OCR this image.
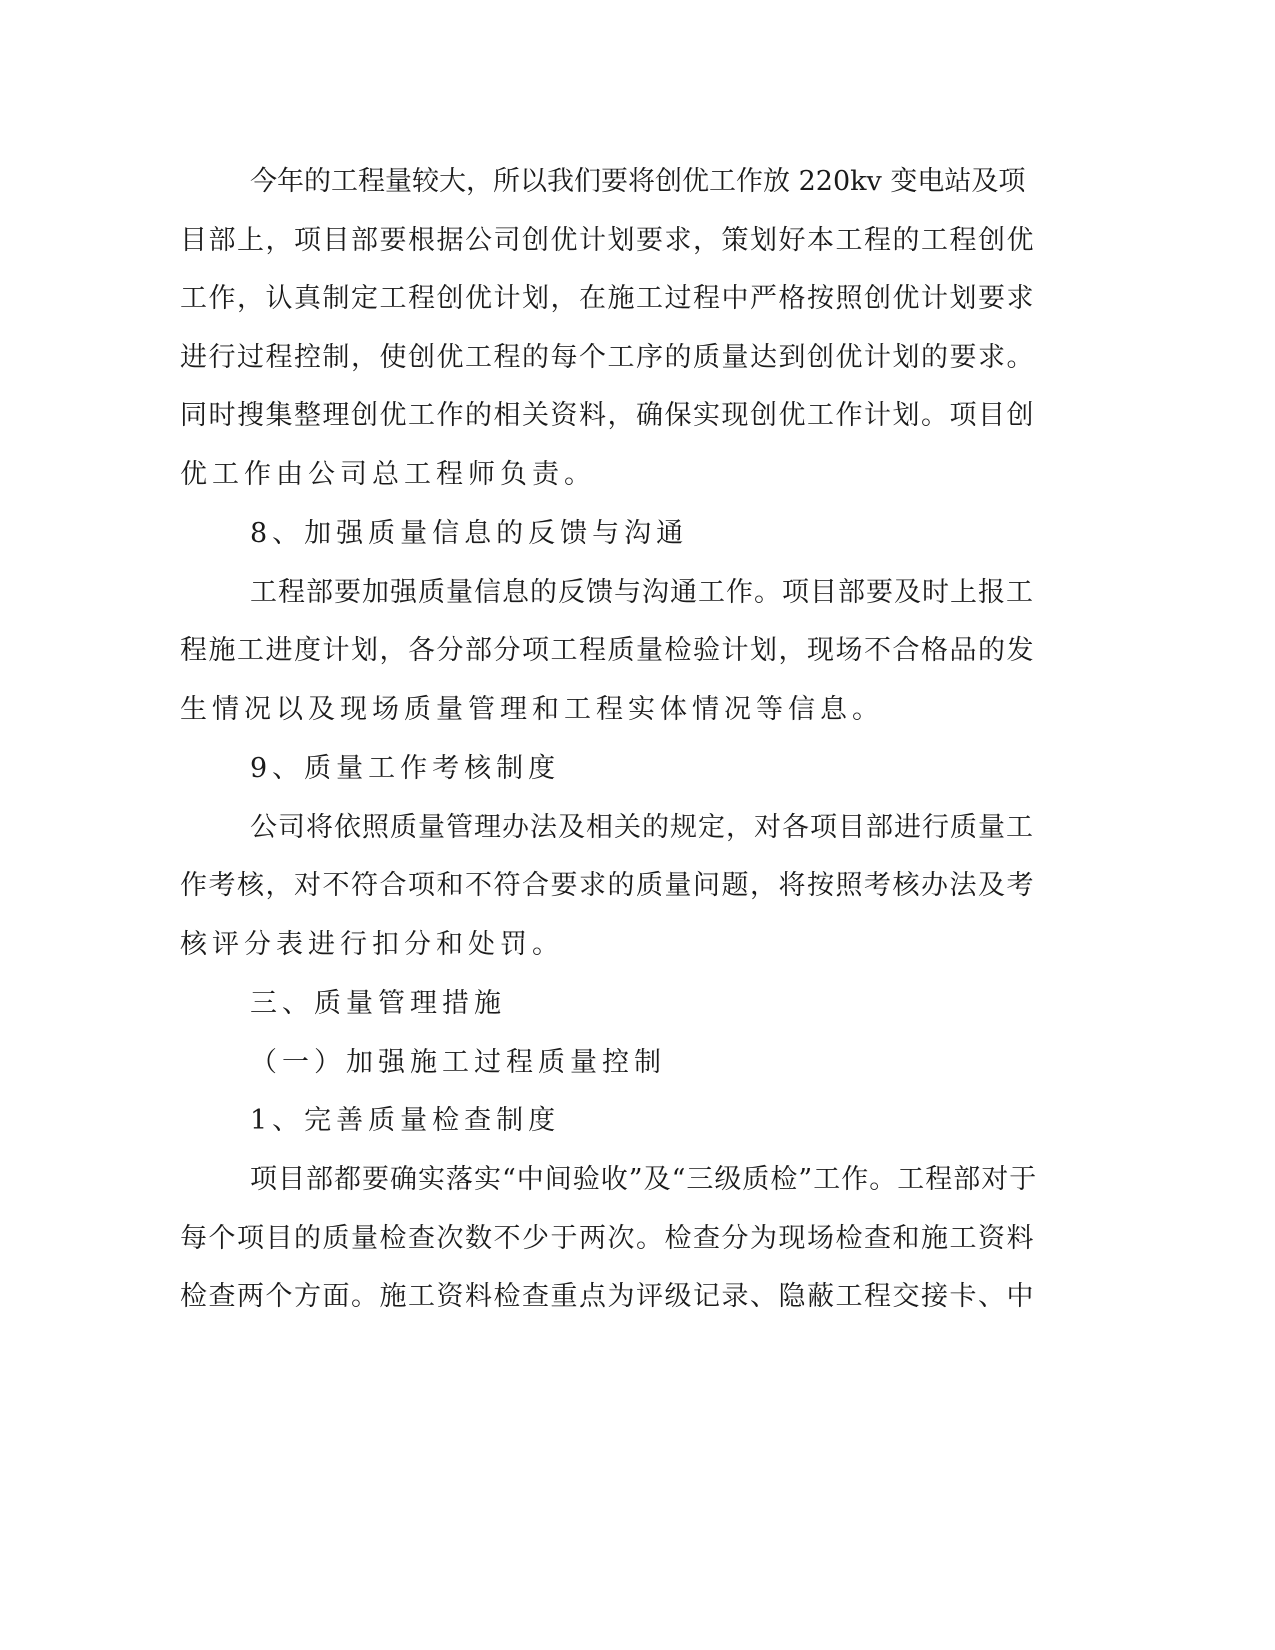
今年的工程量较大，所以我们要将创优工作放 220kv 变电站及项
目部上，项目部要根据公司创优计划要求，策划好本工程的工程创优
工作，认真制定工程创优计划，在施工过程中严格按照创优计划要求
进行过程控制，使创优工程的每个工序的质量达到创优计划的要求。
同时搜集整理创优工作的相关资料，确保实现创优工作计划。项目创
优工作由公司总工程师负责。
8、加强质量信息的反馈与沟通
工程部要加强质量信息的反馈与沟通工作。项目部要及时上报工
程施工进度计划，各分部分项工程质量检验计划，现场不合格品的发
生情况以及现场质量管理和工程实体情况等信息。
9、质量工作考核制度
公司将依照质量管理办法及相关的规定，对各项目部进行质量工
作考核，对不符合项和不符合要求的质量问题，将按照考核办法及考
核评分表进行扣分和处罚。
三、质量管理措施
（一）加强施工过程质量控制
1、完善质量检查制度
项目部都要确实落实“中间验收”及“三级质检”工作。工程部对于
每个项目的质量检查次数不少于两次。检查分为现场检查和施工资料
检查两个方面。施工资料检查重点为评级记录、隐蔽工程交接卡、中
